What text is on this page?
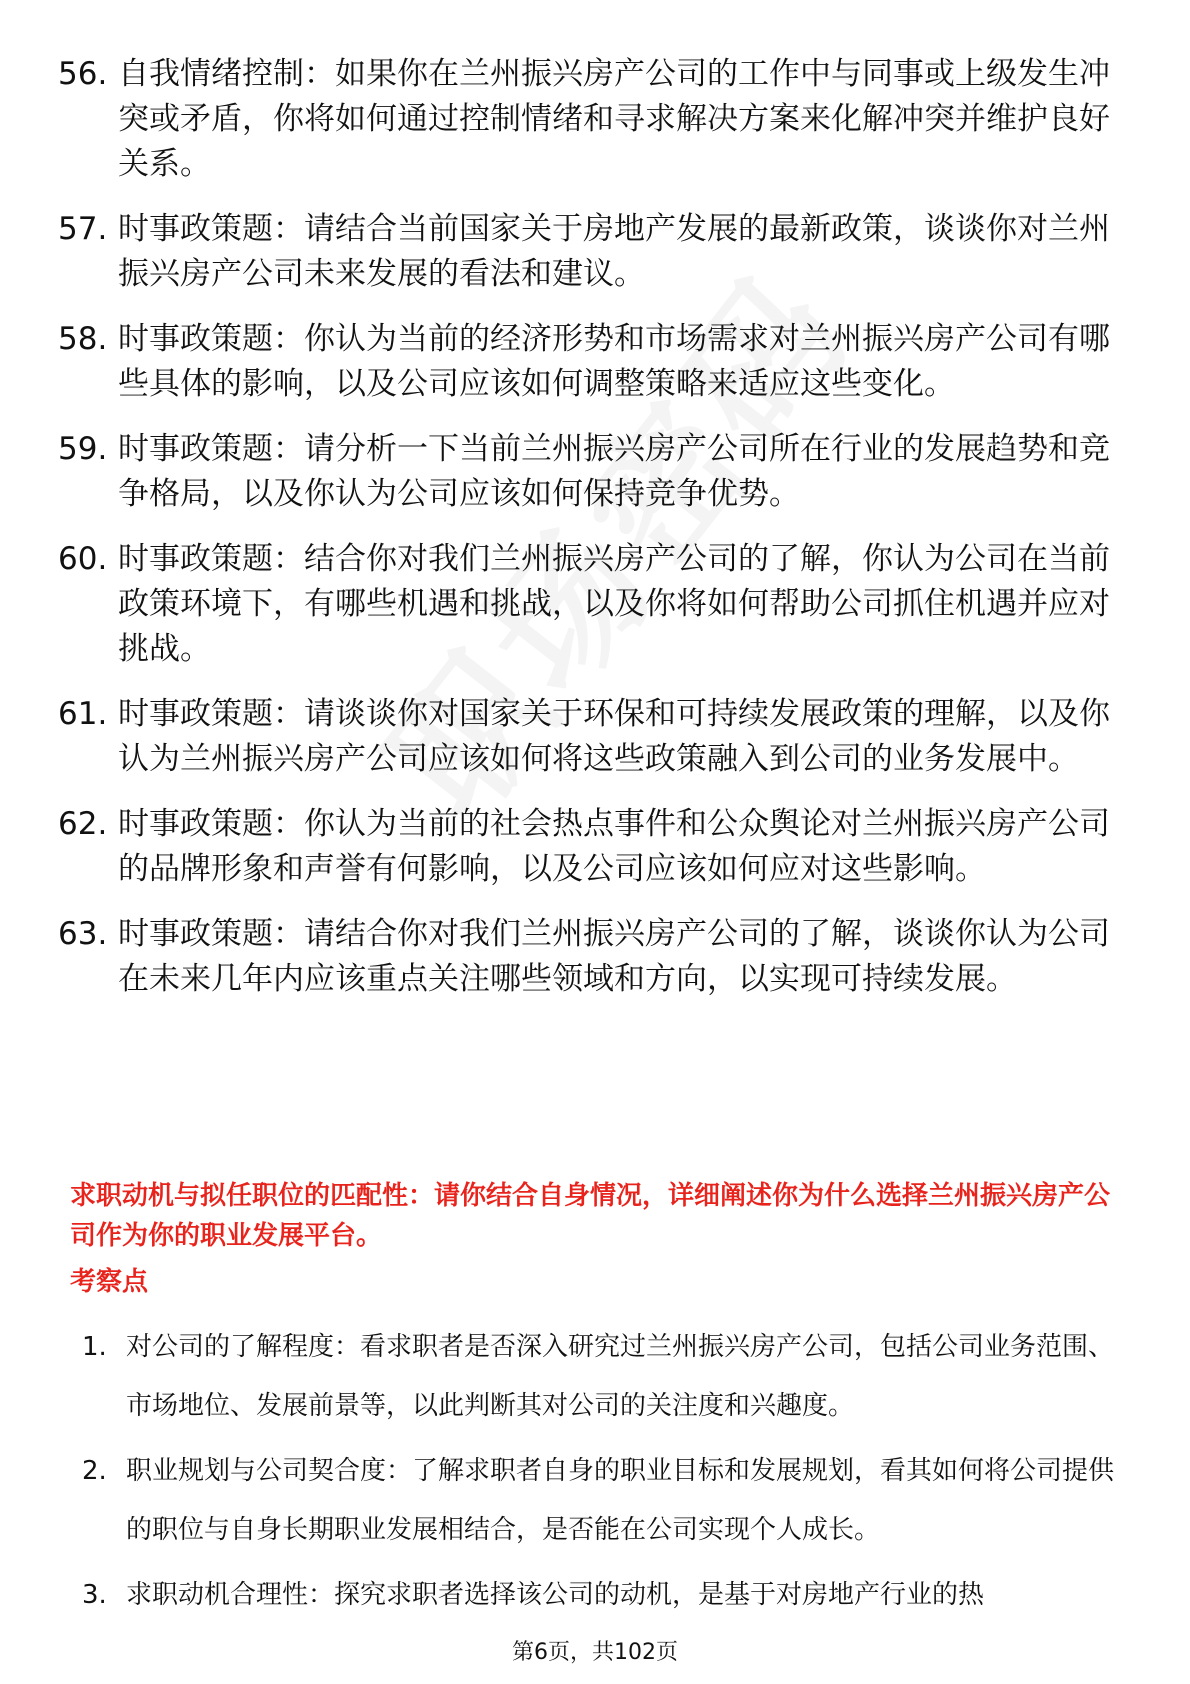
56. 自我情绪控制：如果你在兰州振兴房产公司的工作中与同事或上级发生冲突或矛盾，你将如何通过控制情绪和寻求解决方案来化解冲突并维护良好关系。
57. 时事政策题：请结合当前国家关于房地产发展的最新政策，谈谈你对兰州振兴房产公司未来发展的看法和建议。
58. 时事政策题：你认为当前的经济形势和市场需求对兰州振兴房产公司有哪些具体的影响，以及公司应该如何调整策略来适应这些变化。
59. 时事政策题：请分析一下当前兰州振兴房产公司所在行业的发展趋势和竞争格局，以及你认为公司应该如何保持竞争优势。
60. 时事政策题：结合你对我们兰州振兴房产公司的了解，你认为公司在当前政策环境下，有哪些机遇和挑战，以及你将如何帮助公司抓住机遇并应对挑战。
61. 时事政策题：请谈谈你对国家关于环保和可持续发展政策的理解，以及你认为兰州振兴房产公司应该如何将这些政策融入到公司的业务发展中。
62. 时事政策题：你认为当前的社会热点事件和公众舆论对兰州振兴房产公司的品牌形象和声誉有何影响，以及公司应该如何应对这些影响。
63. 时事政策题：请结合你对我们兰州振兴房产公司的了解，谈谈你认为公司在未来几年内应该重点关注哪些领域和方向，以实现可持续发展。
求职动机与拟任职位的匹配性：请你结合自身情况，详细阐述你为什么选择兰州振兴房产公司作为你的职业发展平台。
考察点
1. 对公司的了解程度：看求职者是否深入研究过兰州振兴房产公司，包括公司业务范围、市场地位、发展前景等，以此判断其对公司的关注度和兴趣度。
2. 职业规划与公司契合度：了解求职者自身的职业目标和发展规划，看其如何将公司提供的职位与自身长期职业发展相结合，是否能在公司实现个人成长。
3. 求职动机合理性：探究求职者选择该公司的动机，是基于对房地产行业的热
第6页，共102页
